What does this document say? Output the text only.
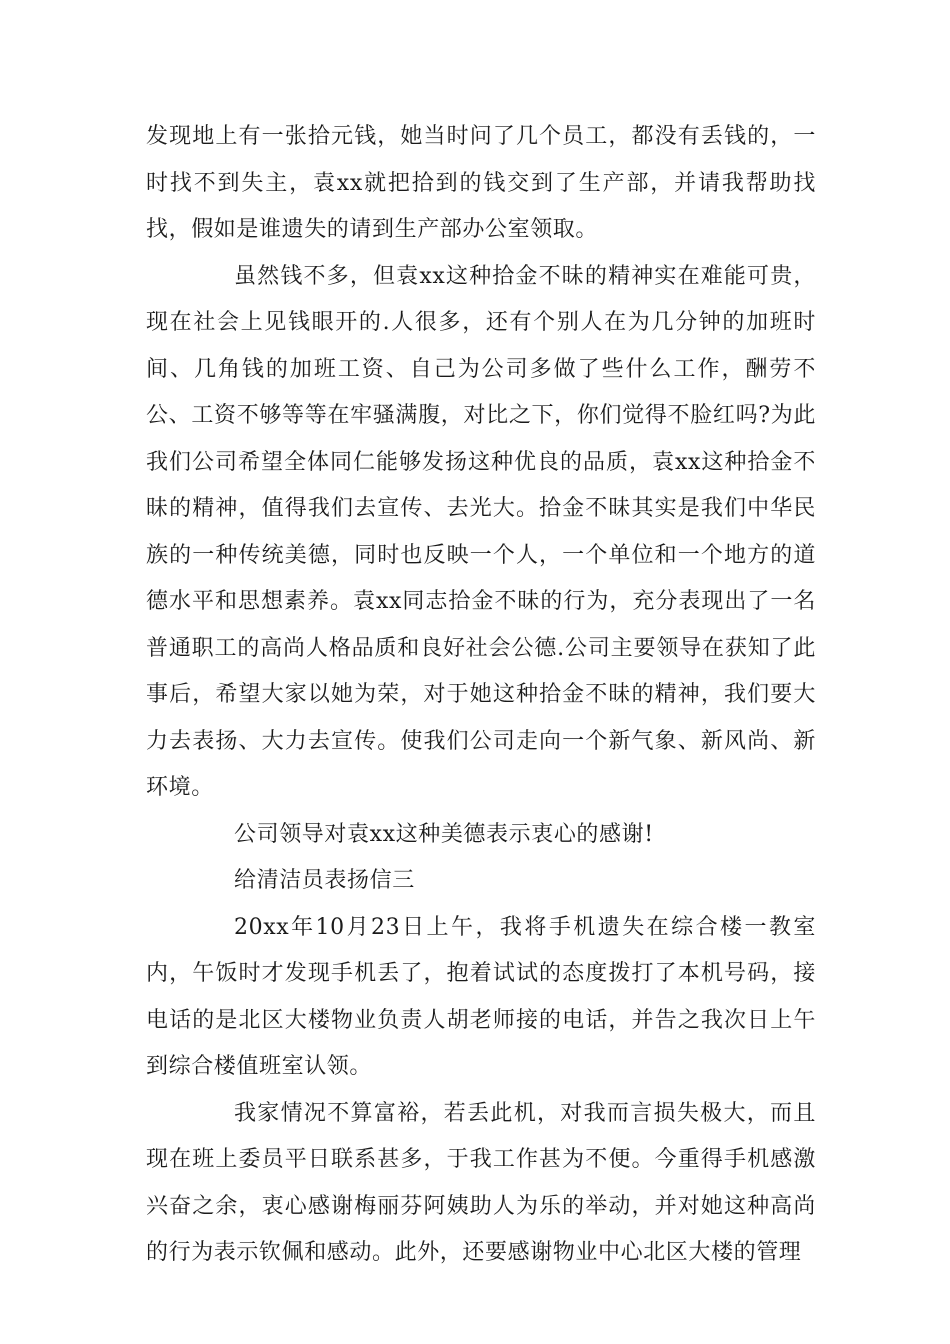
发现地上有一张拾元钱，她当时问了几个员工，都没有丢钱的，一时找不到失主，袁xx就把拾到的钱交到了生产部，并请我帮助找找，假如是谁遗失的请到生产部办公室领取。

虽然钱不多，但袁xx这种拾金不昧的精神实在难能可贵，现在社会上见钱眼开的.人很多，还有个别人在为几分钟的加班时间、几角钱的加班工资、自己为公司多做了些什么工作，酬劳不公、工资不够等等在牢骚满腹，对比之下，你们觉得不脸红吗?为此我们公司希望全体同仁能够发扬这种优良的品质，袁xx这种拾金不昧的精神，值得我们去宣传、去光大。拾金不昧其实是我们中华民族的一种传统美德，同时也反映一个人，一个单位和一个地方的道德水平和思想素养。袁xx同志拾金不昧的行为，充分表现出了一名普通职工的高尚人格品质和良好社会公德.公司主要领导在获知了此事后，希望大家以她为荣，对于她这种拾金不昧的精神，我们要大力去表扬、大力去宣传。使我们公司走向一个新气象、新风尚、新环境。

公司领导对袁xx这种美德表示衷心的感谢!

给清洁员表扬信三

20xx年10月23日上午，我将手机遗失在综合楼一教室内，午饭时才发现手机丢了，抱着试试的态度拨打了本机号码，接电话的是北区大楼物业负责人胡老师接的电话，并告之我次日上午到综合楼值班室认领。

我家情况不算富裕，若丢此机，对我而言损失极大，而且现在班上委员平日联系甚多，于我工作甚为不便。今重得手机感激兴奋之余，衷心感谢梅丽芬阿姨助人为乐的举动，并对她这种高尚的行为表示钦佩和感动。此外，还要感谢物业中心北区大楼的管理
